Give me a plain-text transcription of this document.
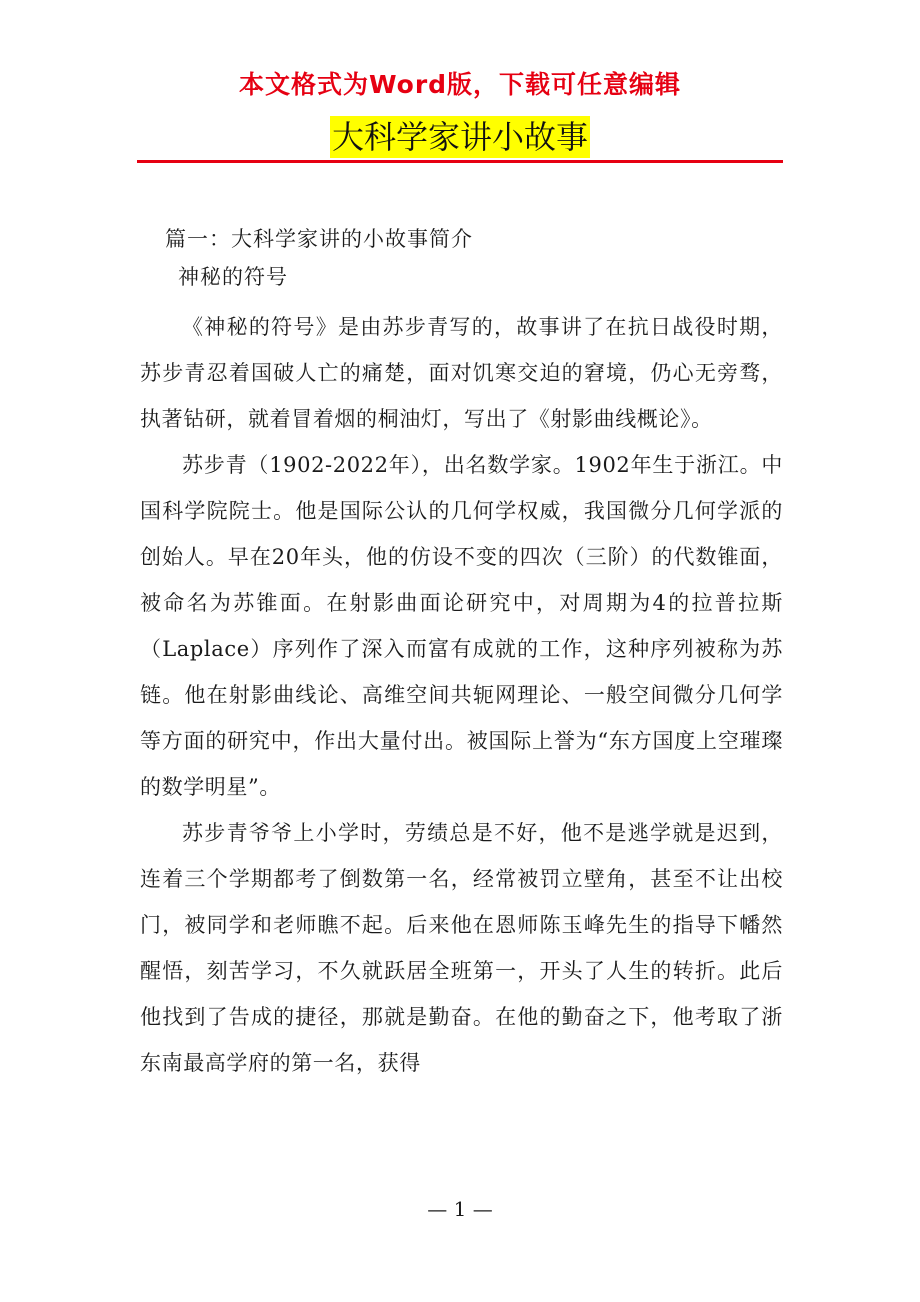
本文格式为Word版，下载可任意编辑
大科学家讲小故事
篇一：大科学家讲的小故事简介
神秘的符号

《神秘的符号》是由苏步青写的，故事讲了在抗日战役时期，苏步青忍着国破人亡的痛楚，面对饥寒交迫的窘境，仍心无旁骛，执著钻研，就着冒着烟的桐油灯，写出了《射影曲线概论》。

苏步青（1902-2022年），出名数学家。1902年生于浙江。中国科学院院士。他是国际公认的几何学权威，我国微分几何学派的创始人。早在20年头，他的仿设不变的四次（三阶）的代数锥面，被命名为苏锥面。在射影曲面论研究中，对周期为4的拉普拉斯（Laplace）序列作了深入而富有成就的工作，这种序列被称为苏链。他在射影曲线论、高维空间共轭网理论、一般空间微分几何学等方面的研究中，作出大量付出。被国际上誉为“东方国度上空璀璨的数学明星”。

苏步青爷爷上小学时，劳绩总是不好，他不是逃学就是迟到，连着三个学期都考了倒数第一名，经常被罚立壁角，甚至不让出校门，被同学和老师瞧不起。后来他在恩师陈玉峰先生的指导下幡然醒悟，刻苦学习，不久就跃居全班第一，开头了人生的转折。此后他找到了告成的捷径，那就是勤奋。在他的勤奋之下，他考取了浙东南最高学府的第一名，获得

— 1 —
